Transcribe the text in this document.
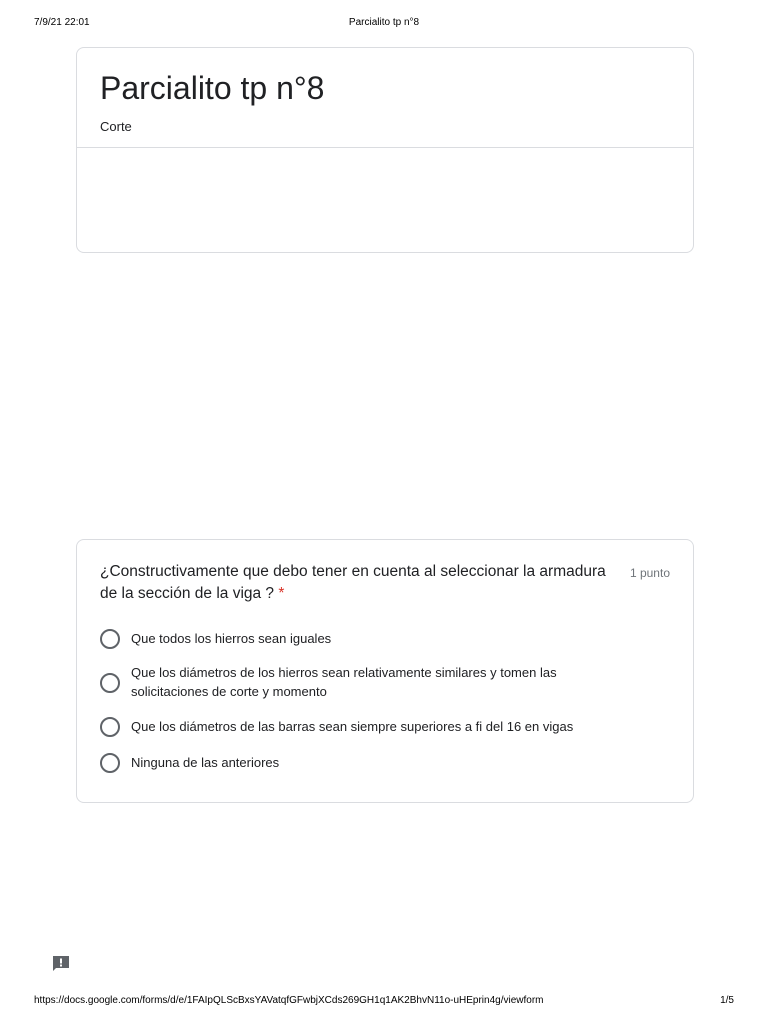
7/9/21 22:01	Parcialito tp n°8
Parcialito tp n°8
Corte
¿Constructivamente que debo tener en cuenta al seleccionar la armadura de la sección de la viga ? *
1 punto
Que todos los hierros sean iguales
Que los diámetros de los hierros sean relativamente similares y tomen las solicitaciones de corte y momento
Que los diámetros de las barras sean siempre superiores a fi del 16 en vigas
Ninguna de las anteriores
https://docs.google.com/forms/d/e/1FAIpQLScBxsYAVatqfGFwbjXCds269GH1q1AK2BhvN11o-uHEprin4g/viewform	1/5
